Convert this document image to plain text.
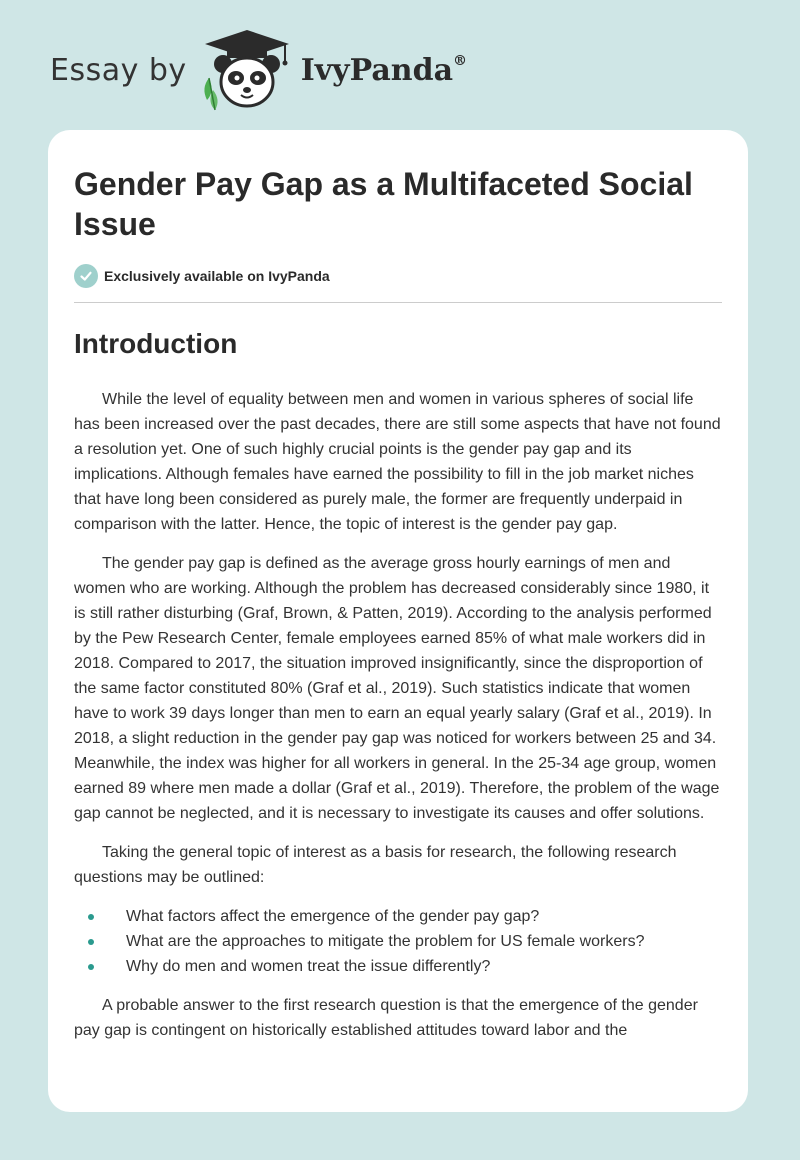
Essay by	IvyPanda®
Gender Pay Gap as a Multifaceted Social Issue
Exclusively available on IvyPanda
Introduction

While the level of equality between men and women in various spheres of social life has been increased over the past decades, there are still some aspects that have not found a resolution yet. One of such highly crucial points is the gender pay gap and its implications. Although females have earned the possibility to fill in the job market niches that have long been considered as purely male, the former are frequently underpaid in comparison with the latter. Hence, the topic of interest is the gender pay gap.

The gender pay gap is defined as the average gross hourly earnings of men and women who are working. Although the problem has decreased considerably since 1980, it is still rather disturbing (Graf, Brown, & Patten, 2019). According to the analysis performed by the Pew Research Center, female employees earned 85% of what male workers did in 2018. Compared to 2017, the situation improved insignificantly, since the disproportion of the same factor constituted 80% (Graf et al., 2019). Such statistics indicate that women have to work 39 days longer than men to earn an equal yearly salary (Graf et al., 2019). In 2018, a slight reduction in the gender pay gap was noticed for workers between 25 and 34. Meanwhile, the index was higher for all workers in general. In the 25-34 age group, women earned 89 where men made a dollar (Graf et al., 2019). Therefore, the problem of the wage gap cannot be neglected, and it is necessary to investigate its causes and offer solutions.

Taking the general topic of interest as a basis for research, the following research questions may be outlined:

What factors affect the emergence of the gender pay gap?
What are the approaches to mitigate the problem for US female workers?
Why do men and women treat the issue differently?

A probable answer to the first research question is that the emergence of the gender pay gap is contingent on historically established attitudes toward labor and the
